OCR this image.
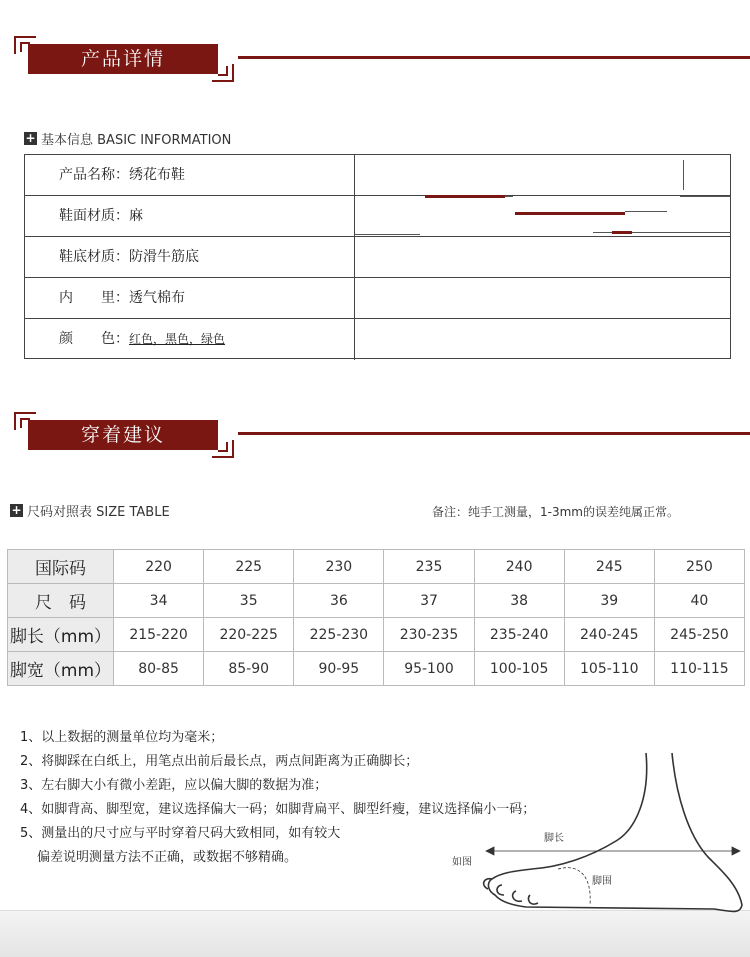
产品详情
+ 基本信息 BASIC INFORMATION
产品名称：绣花布鞋
鞋面材质：麻
鞋底材质：防滑牛筋底
内　　里：透气棉布
颜　　色：红色，黑色，绿色
穿着建议
+ 尺码对照表 SIZE TABLE	备注：纯手工测量，1-3mm的误差纯属正常。
国际码	220	225	230	235	240	245	250
尺　码	34	35	36	37	38	39	40
脚长（mm）	215-220	220-225	225-230	230-235	235-240	240-245	245-250
脚宽（mm）	80-85	85-90	90-95	95-100	100-105	105-110	110-115
1、以上数据的测量单位均为毫米；
2、将脚踩在白纸上，用笔点出前后最长点，两点间距离为正确脚长；
3、左右脚大小有微小差距，应以偏大脚的数据为准；
4、如脚背高、脚型宽，建议选择偏大一码；如脚背扁平、脚型纤瘦，建议选择偏小一码；
5、测量出的尺寸应与平时穿着尺码大致相同，如有较大
偏差说明测量方法不正确，或数据不够精确。
脚长
如图
脚围
